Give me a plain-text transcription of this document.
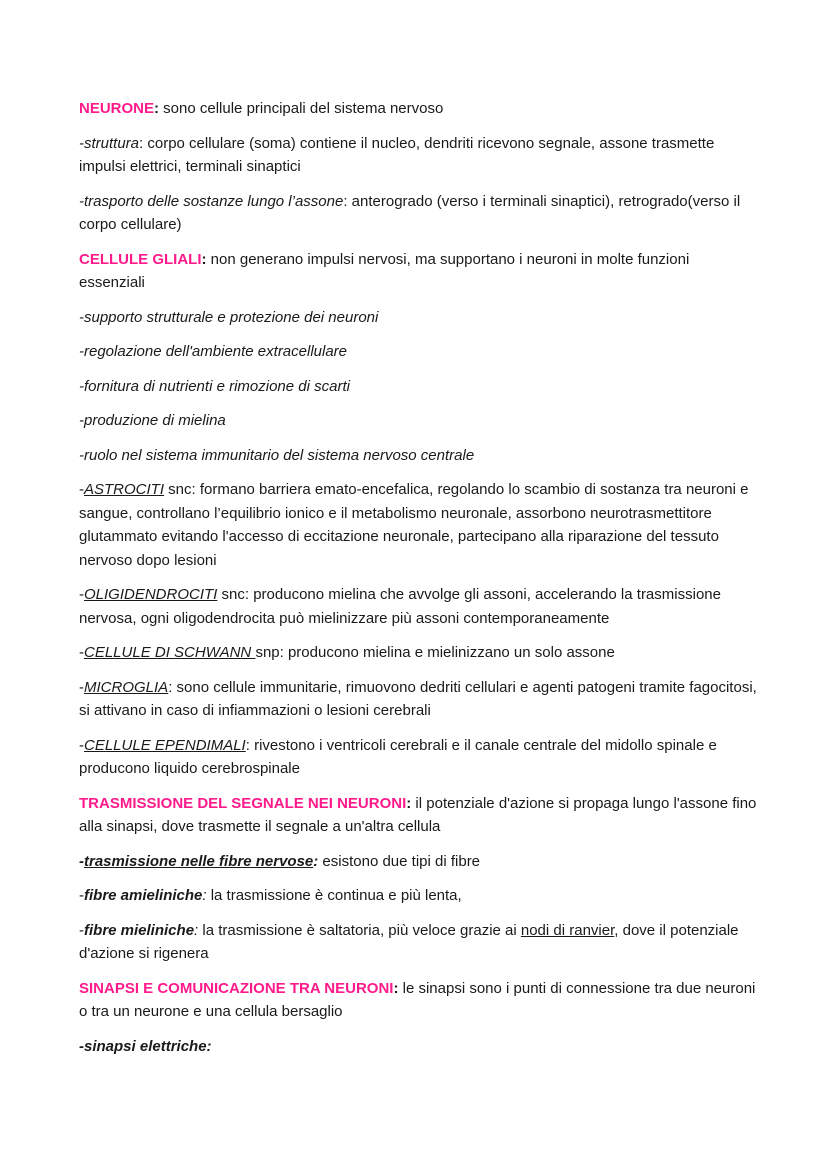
NEURONE: sono cellule principali del sistema nervoso

-struttura: corpo cellulare (soma) contiene il nucleo, dendriti ricevono segnale, assone trasmette impulsi elettrici, terminali sinaptici

-trasporto delle sostanze lungo l’assone: anterogrado (verso i terminali sinaptici), retrogrado(verso il corpo cellulare)

CELLULE GLIALI: non generano impulsi nervosi, ma supportano i neuroni in molte funzioni essenziali

-supporto strutturale e protezione dei neuroni

-regolazione dell'ambiente extracellulare

-fornitura di nutrienti e rimozione di scarti

-produzione di mielina

-ruolo nel sistema immunitario del sistema nervoso centrale

-ASTROCITI snc: formano barriera emato-encefalica, regolando lo scambio di sostanza tra neuroni e sangue, controllano l’equilibrio ionico e il metabolismo neuronale, assorbono neurotrasmettitore glutammato evitando l'accesso di eccitazione neuronale, partecipano alla riparazione del tessuto nervoso dopo lesioni

-OLIGIDENDROCITI snc: producono mielina che avvolge gli assoni, accelerando la trasmissione nervosa, ogni oligodendrocita può mielinizzare più assoni contemporaneamente

-CELLULE DI SCHWANN snp: producono mielina e mielinizzano un solo assone

-MICROGLIA: sono cellule immunitarie, rimuovono dedriti cellulari e agenti patogeni tramite fagocitosi, si attivano in caso di infiammazioni o lesioni cerebrali

-CELLULE EPENDIMALI: rivestono i ventricoli cerebrali e il canale centrale del midollo spinale e producono liquido cerebrospinale

TRASMISSIONE DEL SEGNALE NEI NEURONI: il potenziale d'azione si propaga lungo l'assone fino alla sinapsi, dove trasmette il segnale a un'altra cellula

-trasmissione nelle fibre nervose: esistono due tipi di fibre

-fibre amieliniche: la trasmissione è continua e più lenta,

-fibre mieliniche: la trasmissione è saltatoria, più veloce grazie ai nodi di ranvier, dove il potenziale d'azione si rigenera

SINAPSI E COMUNICAZIONE TRA NEURONI: le sinapsi sono i punti di connessione tra due neuroni o tra un neurone e una cellula bersaglio

-sinapsi elettriche:
